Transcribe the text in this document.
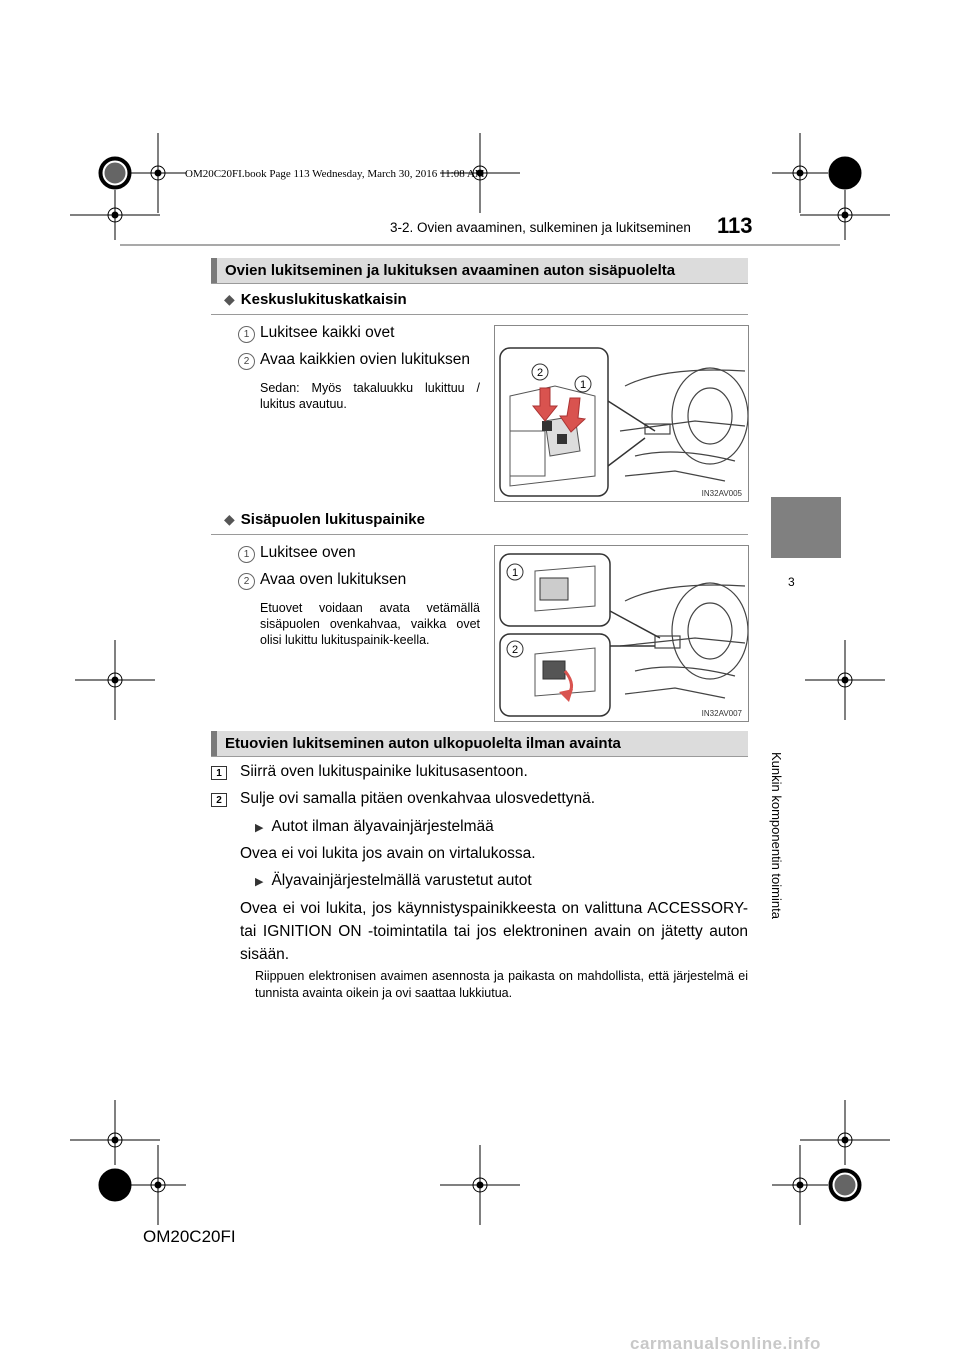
OM20C20FI.book Page 113 Wednesday, March 30, 2016 11:08 AM
3-2. Ovien avaaminen, sulkeminen ja lukitseminen 113
3
Kunkin komponentin toiminta
Ovien lukitseminen ja lukituksen avaaminen auton sisäpuolelta
◆ Keskuslukituskatkaisin
1 Lukitsee kaikki ovet
2 Avaa kaikkien ovien lukituksen
Sedan: Myös takaluukku lukittuu / lukitus avautuu.
2
1
IN32AV005
◆ Sisäpuolen lukituspainike
1 Lukitsee oven
2 Avaa oven lukituksen
Etuovet voidaan avata vetämällä sisäpuolen ovenkahvaa, vaikka ovet olisi lukittu lukituspainik-keella.
1
2
IN32AV007
Etuovien lukitseminen auton ulkopuolelta ilman avainta
1	Siirrä oven lukituspainike lukitusasentoon.
2	Sulje ovi samalla pitäen ovenkahvaa ulosvedettynä.
▶ Autot ilman älyavainjärjestelmää
Ovea ei voi lukita jos avain on virtalukossa.
▶ Älyavainjärjestelmällä varustetut autot
Ovea ei voi lukita, jos käynnistyspainikkeesta on valittuna ACCESSORY- tai IGNITION ON -toimintatila tai jos elektroninen avain on jätetty auton sisään.
Riippuen elektronisen avaimen asennosta ja paikasta on mahdollista, että järjestelmä ei tunnista avainta oikein ja ovi saattaa lukkiutua.
OM20C20FI
carmanualsonline.info
